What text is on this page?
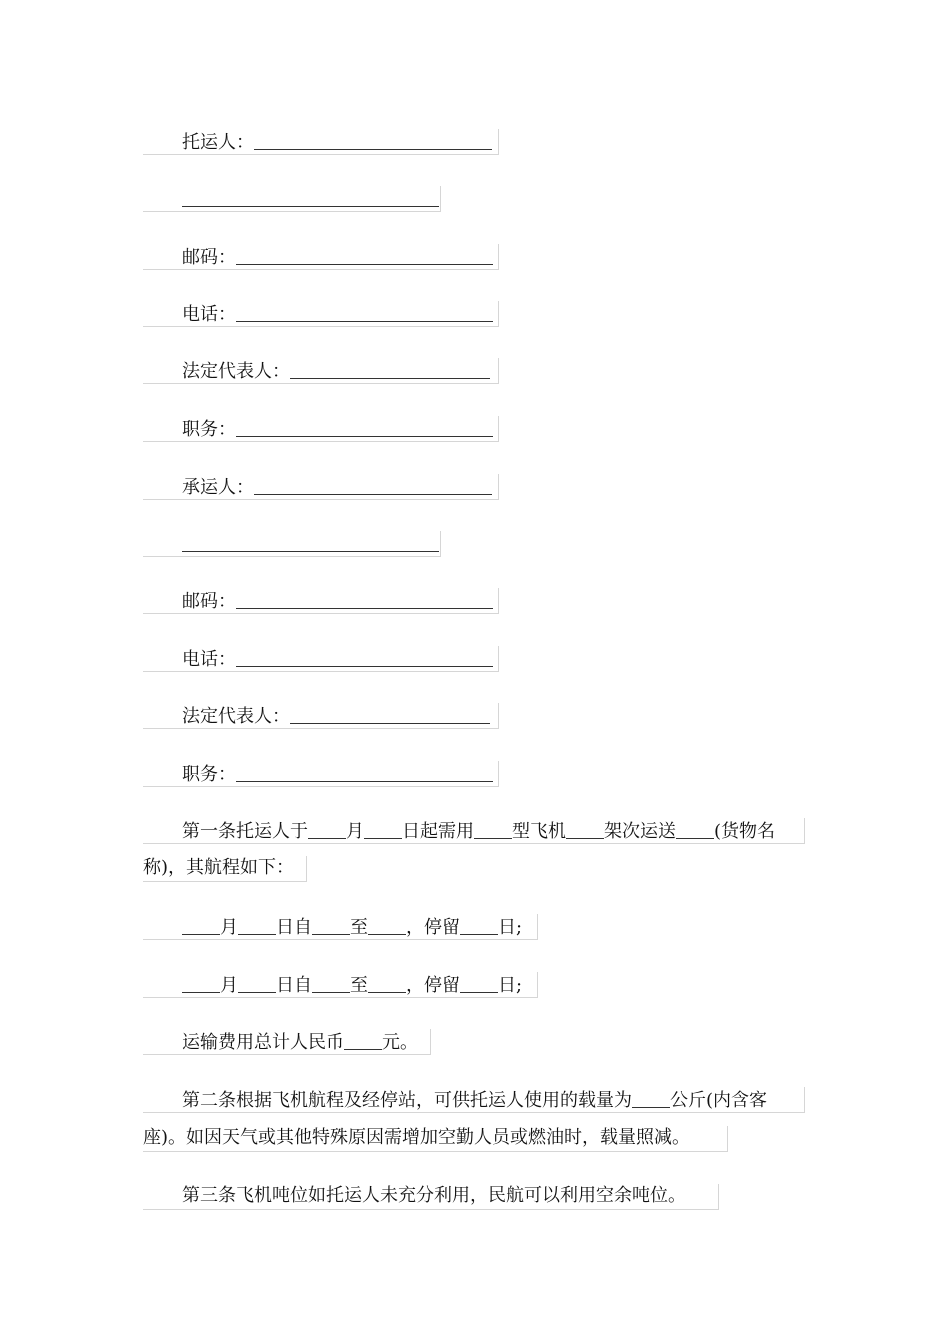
托运人：
邮码：
电话：
法定代表人：
职务：
承运人：
邮码：
电话：
法定代表人：
职务：
第一条托运人于 月 日起需用 型飞机 架次运送 (货物名
称)，其航程如下：
月 日自 至 ，停留 日;
月 日自 至 ，停留 日;
运输费用总计人民币 元。
第二条根据飞机航程及经停站，可供托运人使用的载量为 公斤(内含客
座)。如因天气或其他特殊原因需增加空勤人员或燃油时，载量照减。
第三条飞机吨位如托运人未充分利用，民航可以利用空余吨位。
